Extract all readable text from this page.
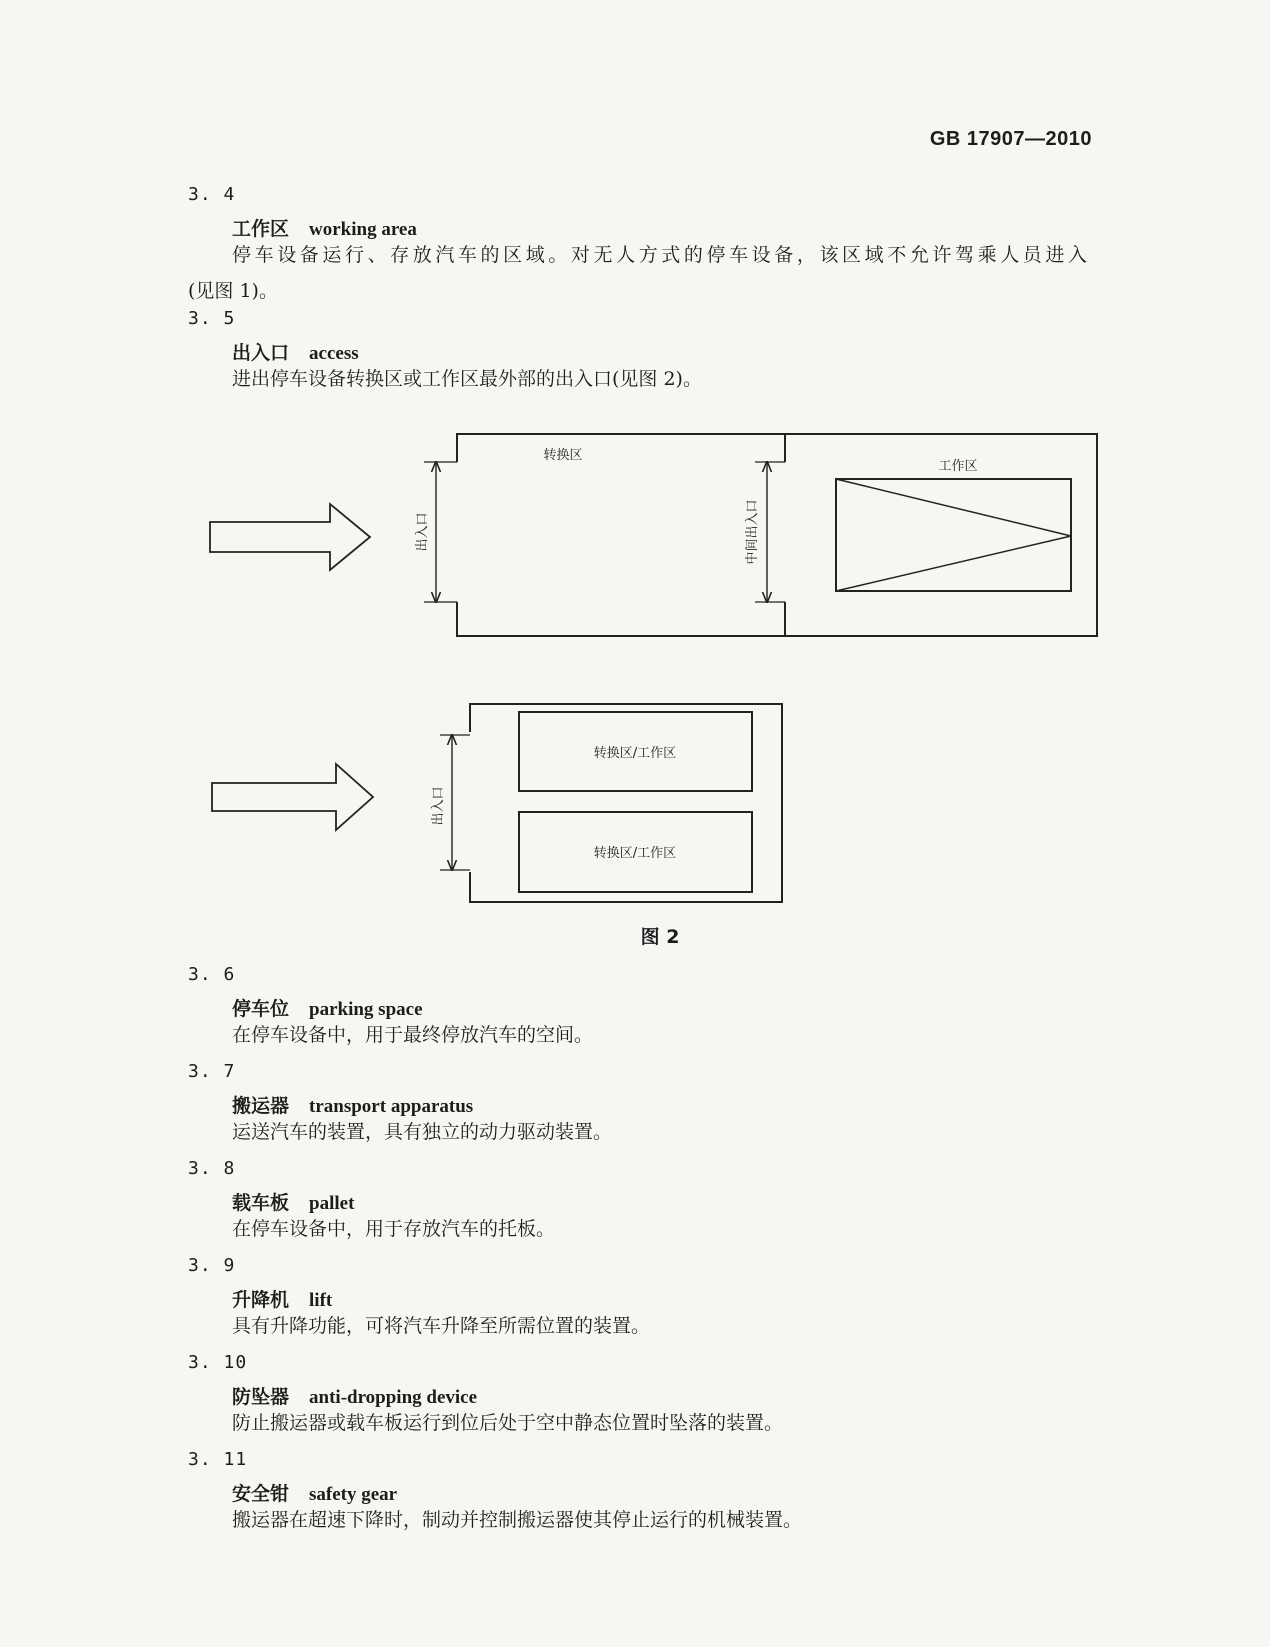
GB 17907—2010
3. 4
工作区 working area
停车设备运行、存放汽车的区域。对无人方式的停车设备，该区域不允许驾乘人员进入
(见图 1)。
3. 5
出入口 access
进出停车设备转换区或工作区最外部的出入口(见图 2)。
转换区
出入口	中间出入口
工作区
出入口
转换区/工作区
转换区/工作区
图 2
3. 6
停车位 parking space
在停车设备中，用于最终停放汽车的空间。
3. 7
搬运器 transport apparatus
运送汽车的装置，具有独立的动力驱动装置。
3. 8
载车板 pallet
在停车设备中，用于存放汽车的托板。
3. 9
升降机 lift
具有升降功能，可将汽车升降至所需位置的装置。
3. 10
防坠器 anti-dropping device
防止搬运器或载车板运行到位后处于空中静态位置时坠落的装置。
3. 11
安全钳 safety gear
搬运器在超速下降时，制动并控制搬运器使其停止运行的机械装置。
